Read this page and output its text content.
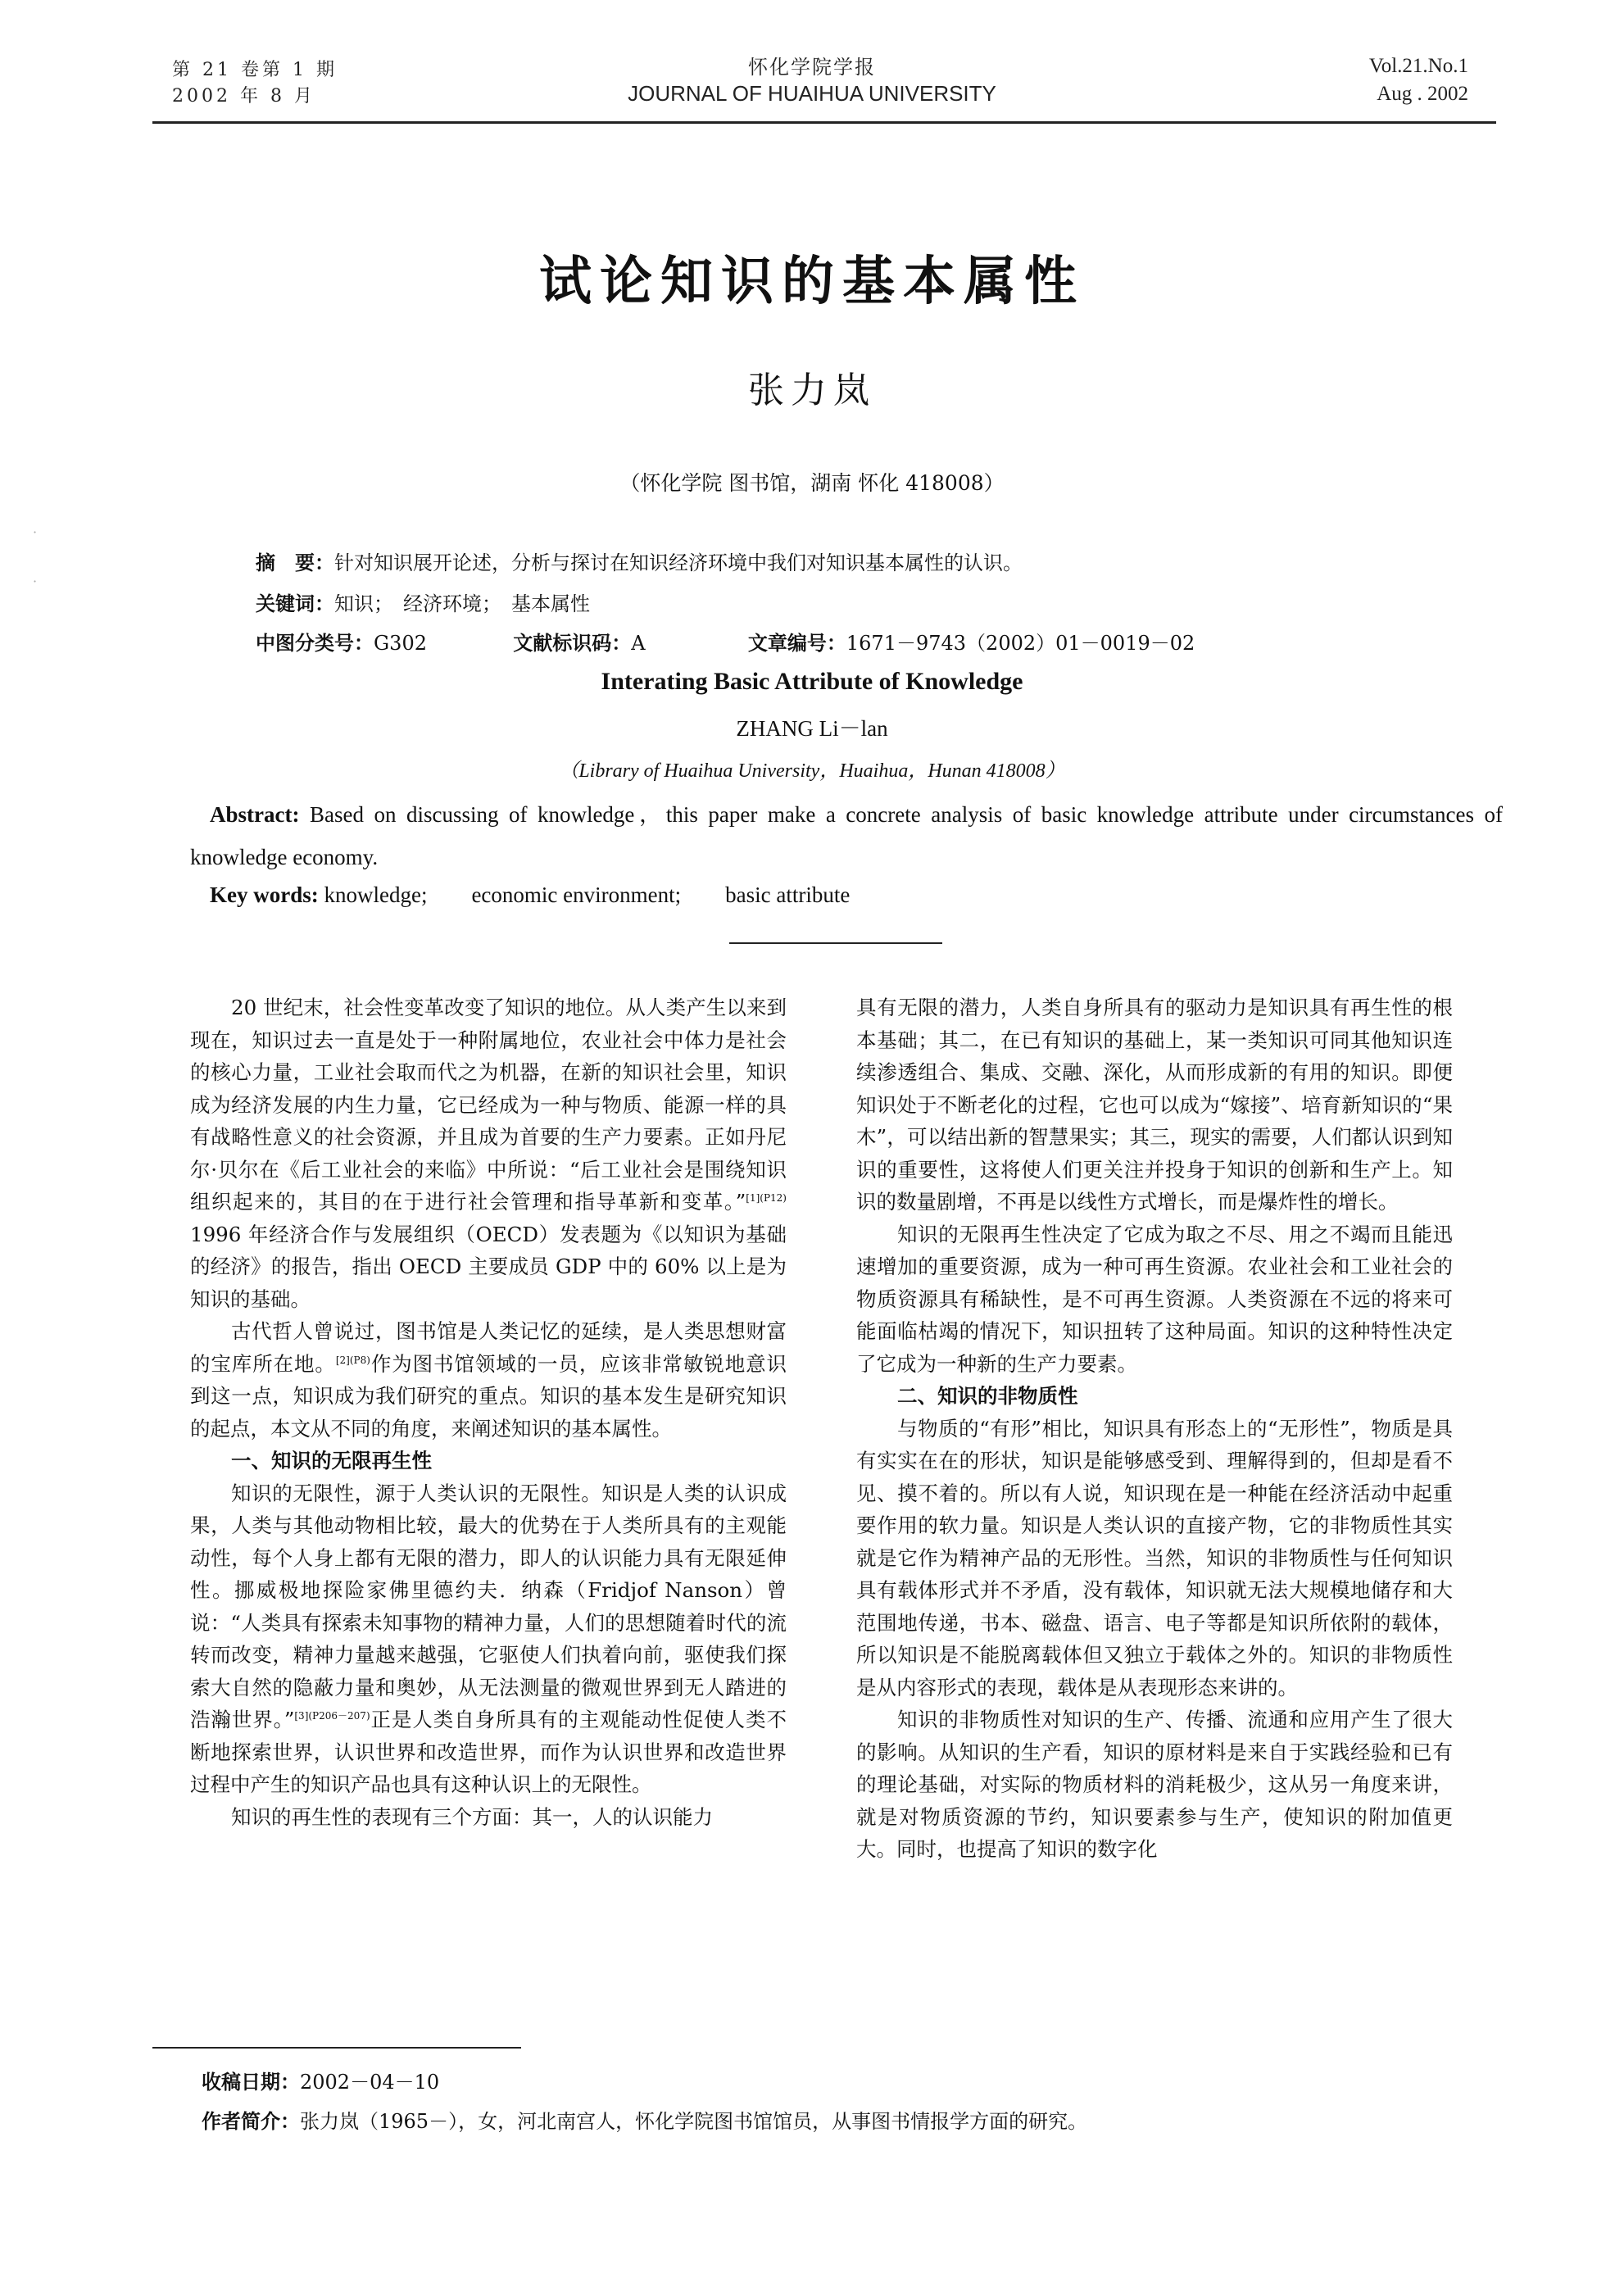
第 21 卷第 1 期
2002 年 8 月
怀化学院学报
JOURNAL OF HUAIHUA UNIVERSITY
Vol.21.No.1
Aug . 2002
·
·
试论知识的基本属性
张力岚
（怀化学院 图书馆，湖南 怀化 418008）
摘　要：针对知识展开论述，分析与探讨在知识经济环境中我们对知识基本属性的认识。
关键词：知识；　经济环境；　基本属性
中图分类号：G302	文献标识码：A	文章编号：1671－9743（2002）01－0019－02
Interating Basic Attribute of Knowledge
ZHANG Li－lan
（Library of Huaihua University，Huaihua，Hunan 418008）
Abstract: Based on discussing of knowledge，this paper make a concrete analysis of basic knowledge attribute under circumstances of knowledge economy.
Key words: knowledge;　　economic environment;　　basic attribute

20 世纪末，社会性变革改变了知识的地位。从人类产生以来到现在，知识过去一直是处于一种附属地位，农业社会中体力是社会的核心力量，工业社会取而代之为机器，在新的知识社会里，知识成为经济发展的内生力量，它已经成为一种与物质、能源一样的具有战略性意义的社会资源，并且成为首要的生产力要素。正如丹尼尔·贝尔在《后工业社会的来临》中所说：“后工业社会是围绕知识组织起来的，其目的在于进行社会管理和指导革新和变革。”$^{[1](P12)}$ 1996 年经济合作与发展组织（OECD）发表题为《以知识为基础的经济》的报告，指出 OECD 主要成员 GDP 中的 60% 以上是为知识的基础。

古代哲人曾说过，图书馆是人类记忆的延续，是人类思想财富的宝库所在地。$^{[2](P8)}$作为图书馆领域的一员，应该非常敏锐地意识到这一点，知识成为我们研究的重点。知识的基本发生是研究知识的起点，本文从不同的角度，来阐述知识的基本属性。

一、知识的无限再生性

知识的无限性，源于人类认识的无限性。知识是人类的认识成果，人类与其他动物相比较，最大的优势在于人类所具有的主观能动性，每个人身上都有无限的潜力，即人的认识能力具有无限延伸性。挪威极地探险家佛里德约夫．纳森（Fridjof Nanson）曾说：“人类具有探索未知事物的精神力量，人们的思想随着时代的流转而改变，精神力量越来越强，它驱使人们执着向前，驱使我们探索大自然的隐蔽力量和奥妙，从无法测量的微观世界到无人踏进的浩瀚世界。”$^{[3](P206-207)}$正是人类自身所具有的主观能动性促使人类不断地探索世界，认识世界和改造世界，而作为认识世界和改造世界过程中产生的知识产品也具有这种认识上的无限性。

知识的再生性的表现有三个方面：其一，人的认识能力

具有无限的潜力，人类自身所具有的驱动力是知识具有再生性的根本基础；其二，在已有知识的基础上，某一类知识可同其他知识连续渗透组合、集成、交融、深化，从而形成新的有用的知识。即便知识处于不断老化的过程，它也可以成为“嫁接”、培育新知识的“果木”，可以结出新的智慧果实；其三，现实的需要，人们都认识到知识的重要性，这将使人们更关注并投身于知识的创新和生产上。知识的数量剧增，不再是以线性方式增长，而是爆炸性的增长。

知识的无限再生性决定了它成为取之不尽、用之不竭而且能迅速增加的重要资源，成为一种可再生资源。农业社会和工业社会的物质资源具有稀缺性，是不可再生资源。人类资源在不远的将来可能面临枯竭的情况下，知识扭转了这种局面。知识的这种特性决定了它成为一种新的生产力要素。

二、知识的非物质性

与物质的“有形”相比，知识具有形态上的“无形性”，物质是具有实实在在的形状，知识是能够感受到、理解得到的，但却是看不见、摸不着的。所以有人说，知识现在是一种能在经济活动中起重要作用的软力量。知识是人类认识的直接产物，它的非物质性其实就是它作为精神产品的无形性。当然，知识的非物质性与任何知识具有载体形式并不矛盾，没有载体，知识就无法大规模地储存和大范围地传递，书本、磁盘、语言、电子等都是知识所依附的载体，所以知识是不能脱离载体但又独立于载体之外的。知识的非物质性是从内容形式的表现，载体是从表现形态来讲的。

知识的非物质性对知识的生产、传播、流通和应用产生了很大的影响。从知识的生产看，知识的原材料是来自于实践经验和已有的理论基础，对实际的物质材料的消耗极少，这从另一角度来讲，就是对物质资源的节约，知识要素参与生产，使知识的附加值更大。同时，也提高了知识的数字化

收稿日期：2002－04－10
作者简介：张力岚（1965－），女，河北南宫人，怀化学院图书馆馆员，从事图书情报学方面的研究。
